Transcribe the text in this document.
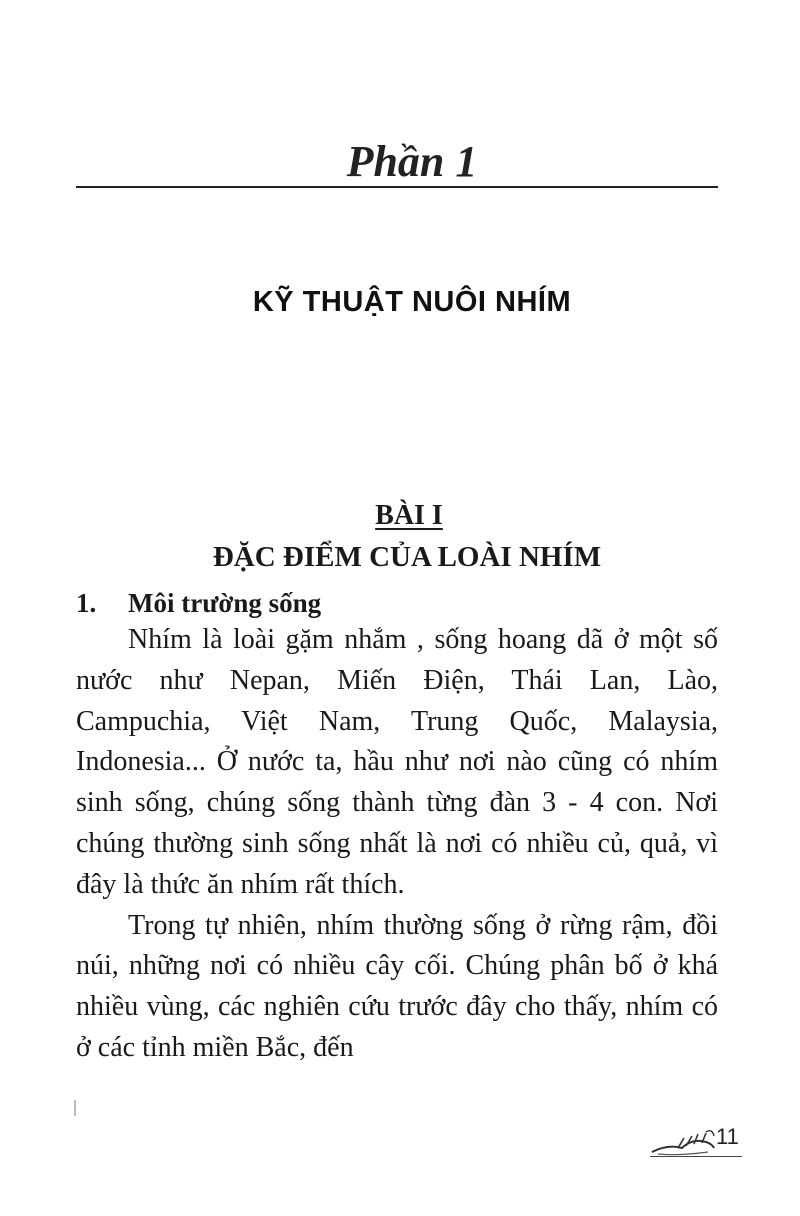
Phần 1
KỸ THUẬT NUÔI NHÍM
BÀI I
ĐẶC ĐIỂM CỦA LOÀI NHÍM
1. Môi trường sống

Nhím là loài gặm nhắm , sống hoang dã ở một số nước như Nepan, Miến Điện, Thái Lan, Lào, Campuchia, Việt Nam, Trung Quốc, Malaysia, Indonesia... Ở nước ta, hầu như nơi nào cũng có nhím sinh sống, chúng sống thành từng đàn 3 - 4 con. Nơi chúng thường sinh sống nhất là nơi có nhiều củ, quả, vì đây là thức ăn nhím rất thích.

Trong tự nhiên, nhím thường sống ở rừng rậm, đồi núi, những nơi có nhiều cây cối. Chúng phân bố ở khá nhiều vùng, các nghiên cứu trước đây cho thấy, nhím có ở các tỉnh miền Bắc, đến

11
